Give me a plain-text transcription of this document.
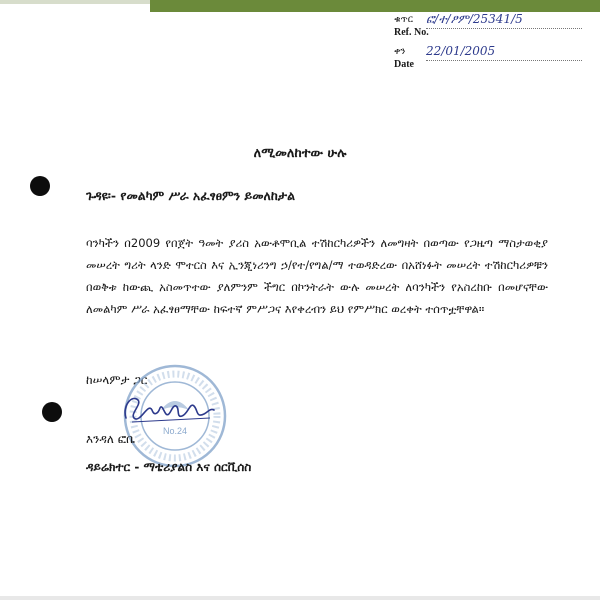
ቁጥር
Ref. No.
ፎ/ተ/ፆም/25341/5
ቀን
Date
22/01/2005
ለሚመለከተው ሁሉ
ጉዳዩ፡- የመልካም ሥራ አፈፃፀምን ይመለከታል
ባንካችን በ2009 የበጀት ዓመት ያሪስ አውቶሞቢል ተሽከርካሪዎችን ለመግዛት በወጣው የጋዜጣ ማስታወቂያ መሠረት ግሪት ላንድ ሞተርስ እና ኢንጂነሪንግ ኃ/የተ/የግል/ማ ተወዳድረው በአሸነፉት መሠረት ተሽከርካሪዎቹን በወቅቱ ከውጪ አስመጥተው ያለምንም ችግር በኮንትራት ውሉ መሠረት ለባንካችን የአስረከቡ በመሆናቸው ለመልካም ሥራ አፈፃፀማቸው ከፍተኛ ምሥጋና እየቀረብን ይህ የምሥክር ወረቀት ተሰጥቷቸዋል።
ከሠላምታ ጋር
No.24
እንዳለ ፎቤ
ዳይሬክተር - ማቴሪያልስ እና ሰርቪሰስ
